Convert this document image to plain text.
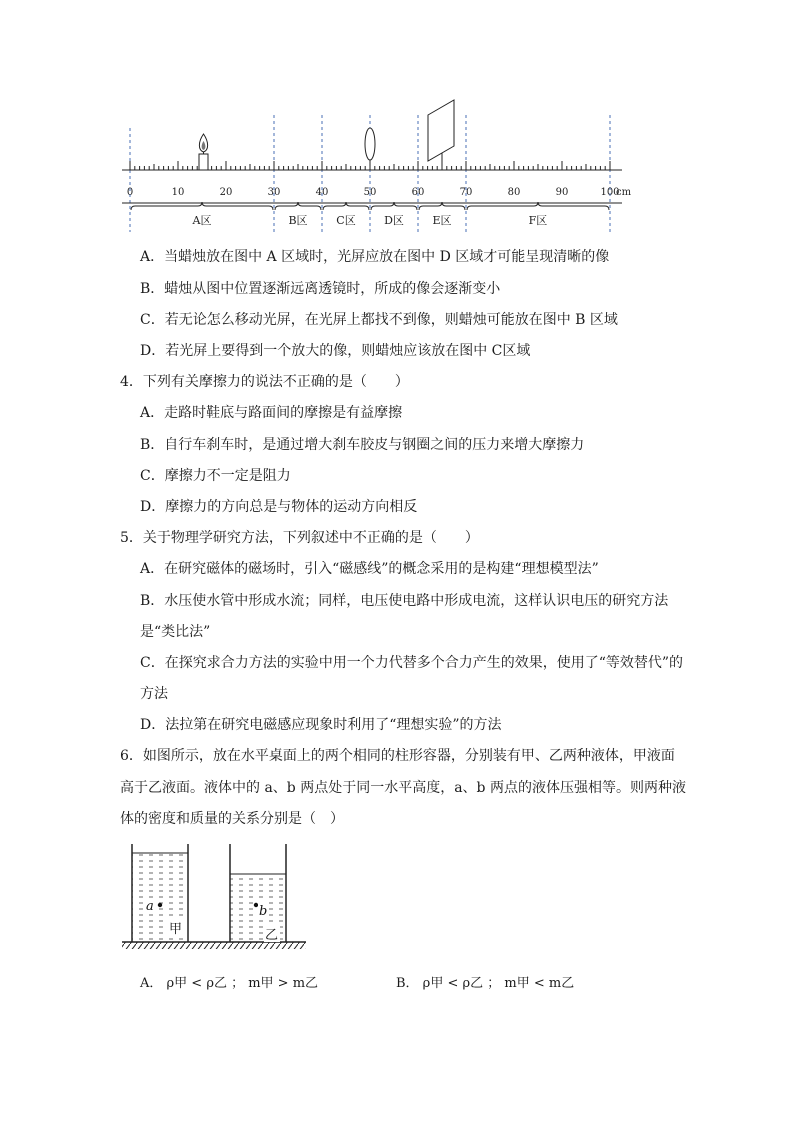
0	10	20	30	40	50	60	70	80	90	100
cm
A区	B区	C区	D区	E区	F区
A．当蜡烛放在图中 A 区域时，光屏应放在图中 D 区域才可能呈现清晰的像
B．蜡烛从图中位置逐渐远离透镜时，所成的像会逐渐变小
C．若无论怎么移动光屏，在光屏上都找不到像，则蜡烛可能放在图中 B 区域
D．若光屏上要得到一个放大的像，则蜡烛应该放在图中 C区域
4．下列有关摩擦力的说法不正确的是（　　）
A．走路时鞋底与路面间的摩擦是有益摩擦
B．自行车刹车时，是通过增大刹车胶皮与钢圈之间的压力来增大摩擦力
C．摩擦力不一定是阻力
D．摩擦力的方向总是与物体的运动方向相反
5．关于物理学研究方法，下列叙述中不正确的是（　　）
A．在研究磁体的磁场时，引入“磁感线”的概念采用的是构建“理想模型法”
B．水压使水管中形成水流；同样，电压使电路中形成电流，这样认识电压的研究方法
是“类比法”
C．在探究求合力方法的实验中用一个力代替多个合力产生的效果，使用了“等效替代”的
方法
D．法拉第在研究电磁感应现象时利用了“理想实验”的方法
6．如图所示，放在水平桌面上的两个相同的柱形容器，分别装有甲、乙两种液体，甲液面
高于乙液面。液体中的 a、b 两点处于同一水平高度，a、b 两点的液体压强相等。则两种液
体的密度和质量的关系分别是（　）
a	b
甲	乙
A． ρ甲 < ρ乙 ； m甲 > m乙	B． ρ甲 < ρ乙 ； m甲 < m乙
